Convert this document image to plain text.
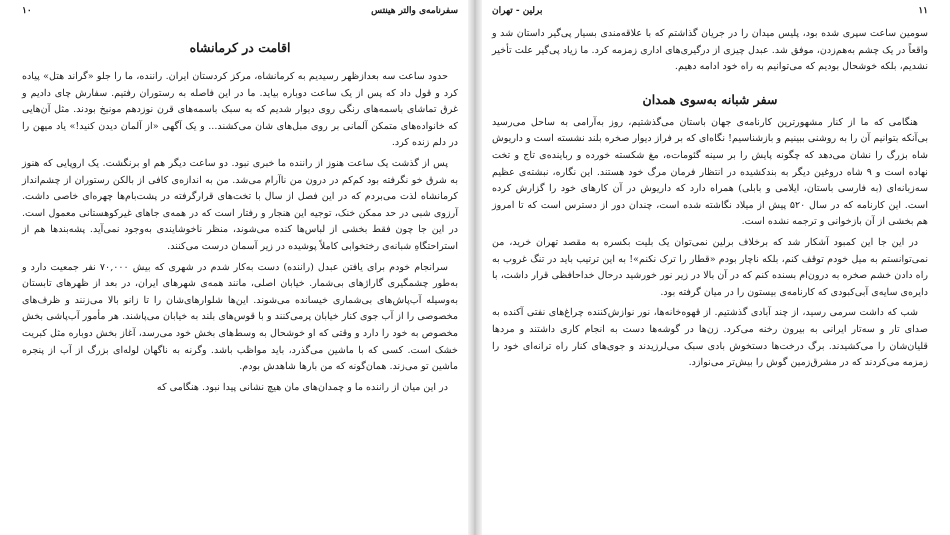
۱۰	سفرنامه‌ی والتر هینتس
اقامت در کرمانشاه

حدود ساعت سه بعدازظهر رسیدیم به کرمانشاه، مرکز کردستان ایران. راننده، ما را جلو «گراند هتل» پیاده کرد و قول داد که پس از یک ساعت دوباره بیاید. ما در این فاصله به رستوران رفتیم. سفارش چای دادیم و غرق تماشای باسمه‌های رنگی روی دیوار شدیم که به سبک باسمه‌های قرن نوزدهم مونیخ بودند. مثل آن‌هایی که خانواده‌های متمکن آلمانی بر روی مبل‌های شان می‌کشند... و یک آگهی «از آلمان دیدن کنید!» یاد میهن را در دلم زنده کرد.

پس از گذشت یک ساعت هنوز از راننده ما خبری نبود. دو ساعت دیگر هم او برنگشت. یک اروپایی که هنوز به شرق خو نگرفته بود کم‌کم در درون من ناآرام می‌شد. من به اندازه‌ی کافی از بالکن رستوران از چشم‌انداز کرمانشاه لذت می‌بردم که در این فصل از سال با تخت‌های قرارگرفته در پشت‌بام‌ها چهره‌ای خاصی داشت. آرزوی شبی در حد ممکن خنک، توجیه این هنجار و رفتار است که در همه‌ی جاهای غیرکوهستانی معمول است. در این جا چون فقط بخشی از لباس‌ها کنده می‌شوند، منظر ناخوشایندی به‌وجود نمی‌آید. پشه‌بندها هم از استراحتگاهِ شبانه‌ی رختخوابی کاملاً پوشیده در زیر آسمان درست می‌کنند.

سرانجام خودم برای یافتن عبدل (راننده) دست به‌کار شدم در شهری که بیش ۷۰,۰۰۰ نفر جمعیت دارد و به‌طور چشمگیری گاراژهای بی‌شمار. خیابان اصلی، مانند همه‌ی شهرهای ایران، در بعد از ظهرهای تابستان به‌وسیله آب‌پاش‌های بی‌شماری خیسانده می‌شوند. این‌ها شلوارهای‌شان را تا زانو بالا می‌زنند و ظرف‌های مخصوصی را از آب جوی کنار خیابان پرمی‌کنند و با قوس‌های بلند به خیابان می‌پاشند. هر مأمور آب‌پاشی بخش مخصوص به خود را دارد و وقتی که او خوشحال به وسط‌های بخش خود می‌رسد، آغاز بخش دوباره مثل کبریت خشک است. کسی که با ماشین می‌گذرد، باید مواظب باشد. وگرنه به ناگهان لوله‌ای بزرگ از آب از پنجره ماشین تو می‌زند. همان‌گونه که من بارها شاهدش بودم.

در این میان از راننده ما و چمدان‌های مان هیچ نشانی پیدا نبود. هنگامی که

برلین - تهران	۱۱

سومین ساعت سپری شده بود، پلیس میدان را در جریان گذاشتم که با علاقه‌مندی بسیار پی‌گیر داستان شد و واقعاً در یک چشم به‌هم‌زدن، موفق شد. عبدل چیزی از درگیری‌های اداری زمزمه کرد. ما زیاد پی‌گیر علت تأخیر نشدیم، بلکه خوشحال بودیم که می‌توانیم به راه خود ادامه دهیم.

سفر شبانه به‌سوی همدان

هنگامی که ما از کنار مشهورترین کارنامه‌ی جهان باستان می‌گذشتیم، روز به‌آرامی به ساحل می‌رسید بی‌آنکه بتوانیم آن را به روشنی ببینیم و بازشناسیم! نگاه‌ای که بر فراز دیوار صخره بلند نشسته است و داریوش شاه بزرگ را نشان می‌دهد که چگونه پایش را بر سینه گئومات‌ه، مغ شکسته خورده و رباینده‌ی تاج و تخت نهاده است و ۹ شاه دروغین دیگر به بندکشیده در انتظار فرمان مرگ خود هستند. این نگاره، نبشته‌ی عظیم سه‌زبانه‌ای (به فارسی باستان، ایلامی و بابلی) همراه دارد که داریوش در آن کارهای خود را گزارش کرده است. این کارنامه که در سال ۵۲۰ پیش از میلاد نگاشته شده است، چندان دور از دسترس است که تا امروز هم بخشی از آن بازخوانی و ترجمه نشده است.

در این جا این کمبود آشکار شد که برخلاف برلین نمی‌توان یک بلیت بکسره به مقصد تهران خرید، من نمی‌توانستم به میل خودم توقف کنم، بلکه ناچار بودم «قطار را ترک نکنم»! به این ترتیب باید در تنگ غروب به راه دادن خشم صخره به درون‌ام بسنده کنم که در آن بالا در زیر نور خورشید درحال خداحافظی قرار داشت، با دایره‌ی سایه‌ی آبی‌کبودی که کارنامه‌ی بیستون را در میان گرفته بود.

شب که داشت سرمی رسید، از چند آبادی گذشتیم. از قهوه‌خانه‌ها، نور نوازش‌کننده چراغ‌های نفتی آکنده به صدای تار و سه‌تار ایرانی به بیرون رخنه می‌کرد. زن‌ها در گوشه‌ها دست به انجام کاری داشتند و مردها قلیان‌شان را می‌کشیدند. برگ درخت‌ها دستخوش بادی سبک می‌لرزیدند و جوی‌های کنار راه ترانه‌ای خود را زمزمه می‌کردند که در مشرق‌زمین گوش را بیش‌تر می‌نوازد.
